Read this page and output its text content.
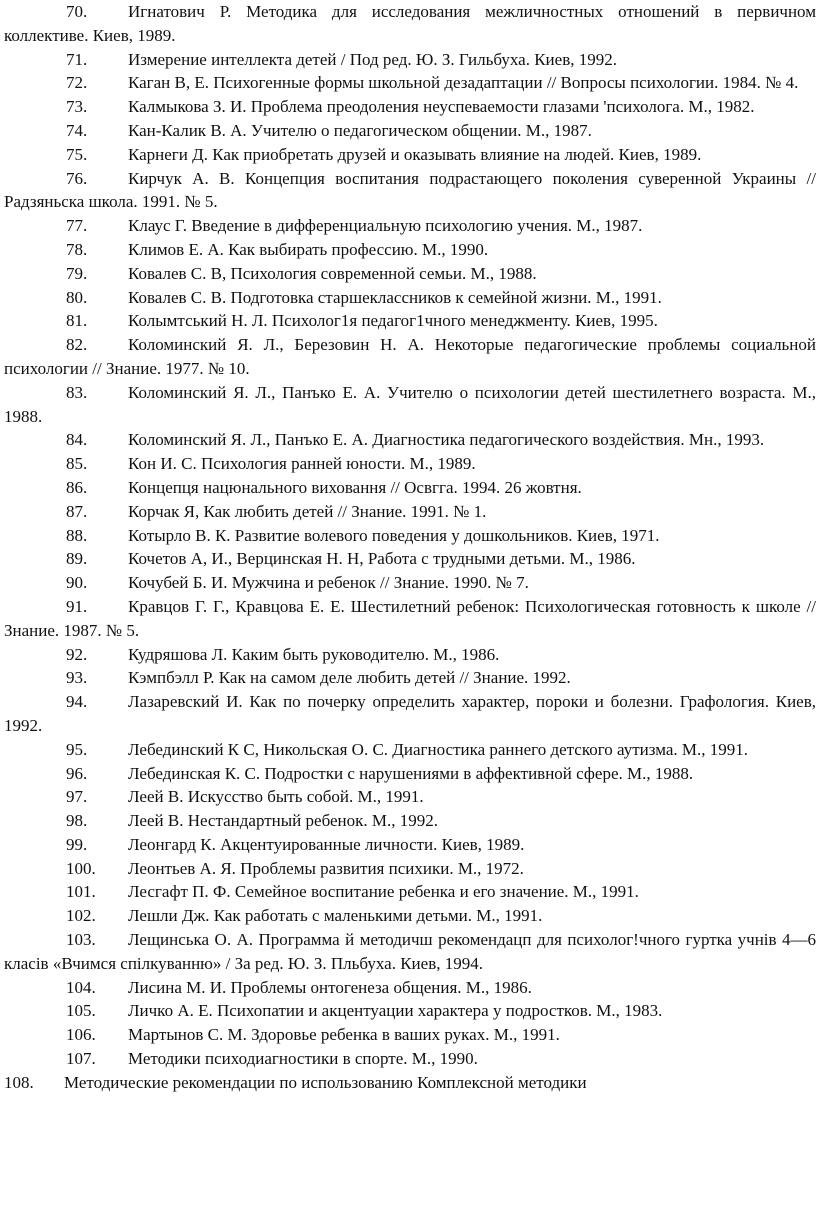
70. Игнатович Р. Методика для исследования межличностных отношений в первичном коллективе. Киев, 1989.

71. Измерение интеллекта детей / Под ред. Ю. З. Гильбуха. Киев, 1992.

72. Каган В, Е. Психогенные формы школьной дезадаптации // Вопросы психологии. 1984. № 4.

73. Калмыкова З. И. Проблема преодоления неуспеваемости глазами 'психолога. М., 1982.

74. Кан-Калик В. А. Учителю о педагогическом общении. М., 1987.

75. Карнеги Д. Как приобретать друзей и оказывать влияние на людей. Киев, 1989.

76. Кирчук А. В. Концепция воспитания подрастающего поколения суверенной Украины // Радзяньска школа. 1991. № 5.

77. Клаус Г. Введение в дифференциальную психологию учения. М., 1987.

78. Климов Е. А. Как выбирать профессию. М., 1990.

79. Ковалев С. В, Психология современной семьи. М., 1988.

80. Ковалев С. В. Подготовка старшеклассников к семейной жизни. М., 1991.

81. Колымтський Н. Л. Психолог1я педагог1чного менеджменту. Киев, 1995.

82. Коломинский Я. Л., Березовин Н. А. Некоторые педагогические проблемы социальной психологии // Знание. 1977. № 10.

83. Коломинский Я. Л., Панъко Е. А. Учителю о психологии детей шестилетнего возраста. М., 1988.

84. Коломинский Я. Л., Панъко Е. А. Диагностика педагогического воздействия. Мн., 1993.

85. Кон И. С. Психология ранней юности. М., 1989.

86. Концепця нацюнального виховання // Освгга. 1994. 26 жовтня.

87. Корчак Я, Как любить детей // Знание. 1991. № 1.

88. Котырло В. К. Развитие волевого поведения у дошкольников. Киев, 1971.

89. Кочетов А, И., Верцинская Н. Н, Работа с трудными детьми. М., 1986.

90. Кочубей Б. И. Мужчина и ребенок // Знание. 1990. № 7.

91. Кравцов Г. Г., Кравцова Е. Е. Шестилетний ребенок: Психологическая готовность к школе // Знание. 1987. № 5.

92. Кудряшова Л. Каким быть руководителю. М., 1986.

93. Кэмпбэлл Р. Как на самом деле любить детей // Знание. 1992.

94. Лазаревский И. Как по почерку определить характер, пороки и болезни. Графология. Киев, 1992.

95. Лебединский К С, Никольская О. С. Диагностика раннего детского аутизма. М., 1991.

96. Лебединская К. С. Подростки с нарушениями в аффективной сфере. М., 1988.

97. Леей В. Искусство быть собой. М., 1991.

98. Леей В. Нестандартный ребенок. М., 1992.

99. Леонгард К. Акцентуированные личности. Киев, 1989.

100. Леонтьев А. Я. Проблемы развития психики. М., 1972.

101. Лесгафт П. Ф. Семейное воспитание ребенка и его значение. М., 1991.

102. Лешли Дж. Как работать с маленькими детьми. М., 1991.

103. Лещинська О. А. Программа й методичш рекомендацп для психолог!чного гуртка учнів 4—6 класів «Вчимся спілкуванню» / За ред. Ю. З. Пльбуха. Киев, 1994.

104. Лисина М. И. Проблемы онтогенеза общения. М., 1986.

105. Личко А. Е. Психопатии и акцентуации характера у подростков. М., 1983.

106. Мартынов С. М. Здоровье ребенка в ваших руках. М., 1991.

107. Методики психодиагностики в спорте. М., 1990.

108. Методические рекомендации по использованию Комплексной методики
